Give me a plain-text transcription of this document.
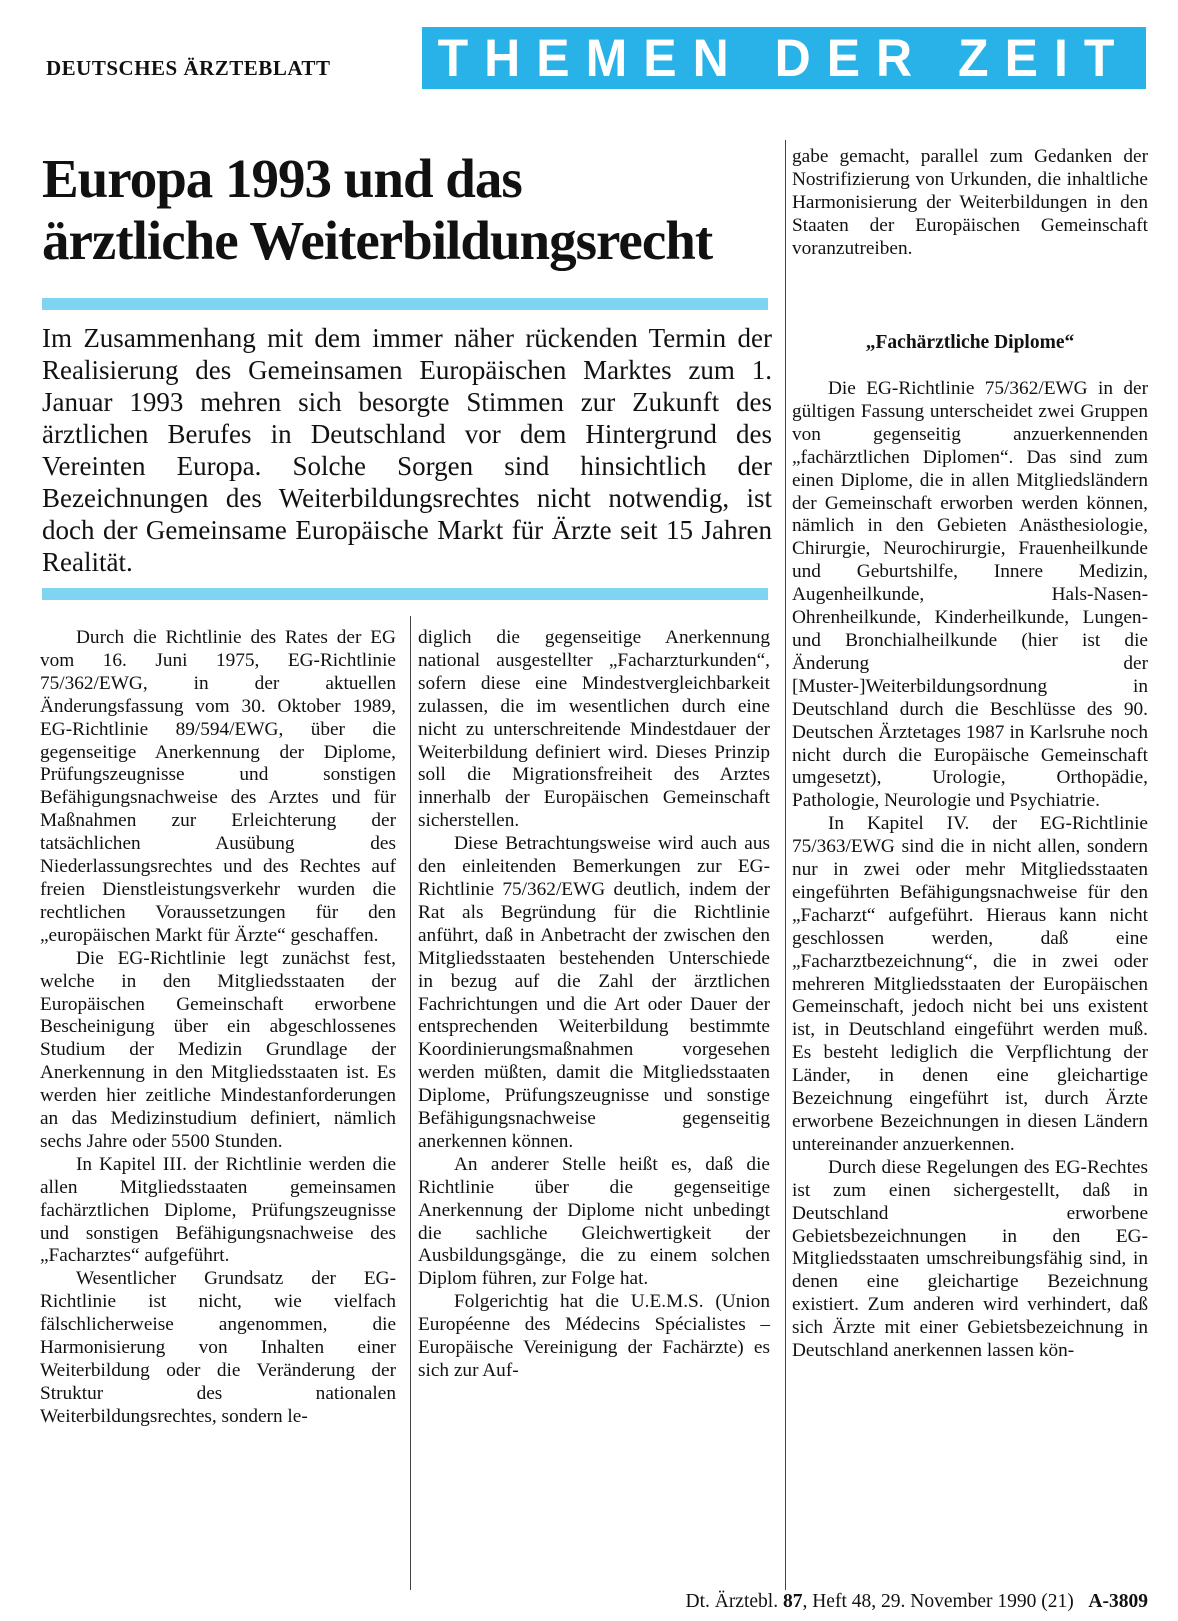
DEUTSCHES ÄRZTEBLATT THEMEN DER ZEIT
Europa 1993 und das
ärztliche Weiterbildungsrecht

Im Zusammenhang mit dem immer näher rückenden Termin der Realisierung des Gemeinsamen Europäischen Marktes zum 1. Januar 1993 mehren sich besorgte Stimmen zur Zukunft des ärztlichen Berufes in Deutschland vor dem Hintergrund des Vereinten Europa. Solche Sorgen sind hinsichtlich der Bezeichnungen des Weiterbildungsrechtes nicht notwendig, ist doch der Gemeinsame Europäische Markt für Ärzte seit 15 Jahren Realität.

Durch die Richtlinie des Rates der EG vom 16. Juni 1975, EG-Richtlinie 75/362/EWG, in der aktuellen Änderungsfassung vom 30. Oktober 1989, EG-Richtlinie 89/594/EWG, über die gegenseitige Anerkennung der Diplome, Prüfungszeugnisse und sonstigen Befähigungsnachweise des Arztes und für Maßnahmen zur Erleichterung der tatsächlichen Ausübung des Niederlassungsrechtes und des Rechtes auf freien Dienstleistungsverkehr wurden die rechtlichen Voraussetzungen für den „europäischen Markt für Ärzte“ geschaffen.

Die EG-Richtlinie legt zunächst fest, welche in den Mitgliedsstaaten der Europäischen Gemeinschaft erworbene Bescheinigung über ein abgeschlossenes Studium der Medizin Grundlage der Anerkennung in den Mitgliedsstaaten ist. Es werden hier zeitliche Mindestanforderungen an das Medizinstudium definiert, nämlich sechs Jahre oder 5500 Stunden.

In Kapitel III. der Richtlinie werden die allen Mitgliedsstaaten gemeinsamen fachärztlichen Diplome, Prüfungszeugnisse und sonstigen Befähigungsnachweise des „Facharztes“ aufgeführt.

Wesentlicher Grundsatz der EG-Richtlinie ist nicht, wie vielfach fälschlicherweise angenommen, die Harmonisierung von Inhalten einer Weiterbildung oder die Veränderung der Struktur des nationalen Weiterbildungsrechtes, sondern le-

diglich die gegenseitige Anerkennung national ausgestellter „Facharzturkunden“, sofern diese eine Mindestvergleichbarkeit zulassen, die im wesentlichen durch eine nicht zu unterschreitende Mindestdauer der Weiterbildung definiert wird. Dieses Prinzip soll die Migrationsfreiheit des Arztes innerhalb der Europäischen Gemeinschaft sicherstellen.

Diese Betrachtungsweise wird auch aus den einleitenden Bemerkungen zur EG-Richtlinie 75/362/EWG deutlich, indem der Rat als Begründung für die Richtlinie anführt, daß in Anbetracht der zwischen den Mitgliedsstaaten bestehenden Unterschiede in bezug auf die Zahl der ärztlichen Fachrichtungen und die Art oder Dauer der entsprechenden Weiterbildung bestimmte Koordinierungsmaßnahmen vorgesehen werden müßten, damit die Mitgliedsstaaten Diplome, Prüfungszeugnisse und sonstige Befähigungsnachweise gegenseitig anerkennen können.

An anderer Stelle heißt es, daß die Richtlinie über die gegenseitige Anerkennung der Diplome nicht unbedingt die sachliche Gleichwertigkeit der Ausbildungsgänge, die zu einem solchen Diplom führen, zur Folge hat.

Folgerichtig hat die U.E.M.S. (Union Européenne des Médecins Spécialistes – Europäische Vereinigung der Fachärzte) es sich zur Auf-

gabe gemacht, parallel zum Gedanken der Nostrifizierung von Urkunden, die inhaltliche Harmonisierung der Weiterbildungen in den Staaten der Europäischen Gemeinschaft voranzutreiben.

„Fachärztliche Diplome“

Die EG-Richtlinie 75/362/EWG in der gültigen Fassung unterscheidet zwei Gruppen von gegenseitig anzuerkennenden „fachärztlichen Diplomen“. Das sind zum einen Diplome, die in allen Mitgliedsländern der Gemeinschaft erworben werden können, nämlich in den Gebieten Anästhesiologie, Chirurgie, Neurochirurgie, Frauenheilkunde und Geburtshilfe, Innere Medizin, Augenheilkunde, Hals-Nasen-Ohrenheilkunde, Kinderheilkunde, Lungen- und Bronchialheilkunde (hier ist die Änderung der [Muster-]Weiterbildungsordnung in Deutschland durch die Beschlüsse des 90. Deutschen Ärztetages 1987 in Karlsruhe noch nicht durch die Europäische Gemeinschaft umgesetzt), Urologie, Orthopädie, Pathologie, Neurologie und Psychiatrie.

In Kapitel IV. der EG-Richtlinie 75/363/EWG sind die in nicht allen, sondern nur in zwei oder mehr Mitgliedsstaaten eingeführten Befähigungsnachweise für den „Facharzt“ aufgeführt. Hieraus kann nicht geschlossen werden, daß eine „Facharztbezeichnung“, die in zwei oder mehreren Mitgliedsstaaten der Europäischen Gemeinschaft, jedoch nicht bei uns existent ist, in Deutschland eingeführt werden muß. Es besteht lediglich die Verpflichtung der Länder, in denen eine gleichartige Bezeichnung eingeführt ist, durch Ärzte erworbene Bezeichnungen in diesen Ländern untereinander anzuerkennen.

Durch diese Regelungen des EG-Rechtes ist zum einen sichergestellt, daß in Deutschland erworbene Gebietsbezeichnungen in den EG-Mitgliedsstaaten umschreibungsfähig sind, in denen eine gleichartige Bezeichnung existiert. Zum anderen wird verhindert, daß sich Ärzte mit einer Gebietsbezeichnung in Deutschland anerkennen lassen kön-

Dt. Ärztebl. 87, Heft 48, 29. November 1990 (21) A-3809
